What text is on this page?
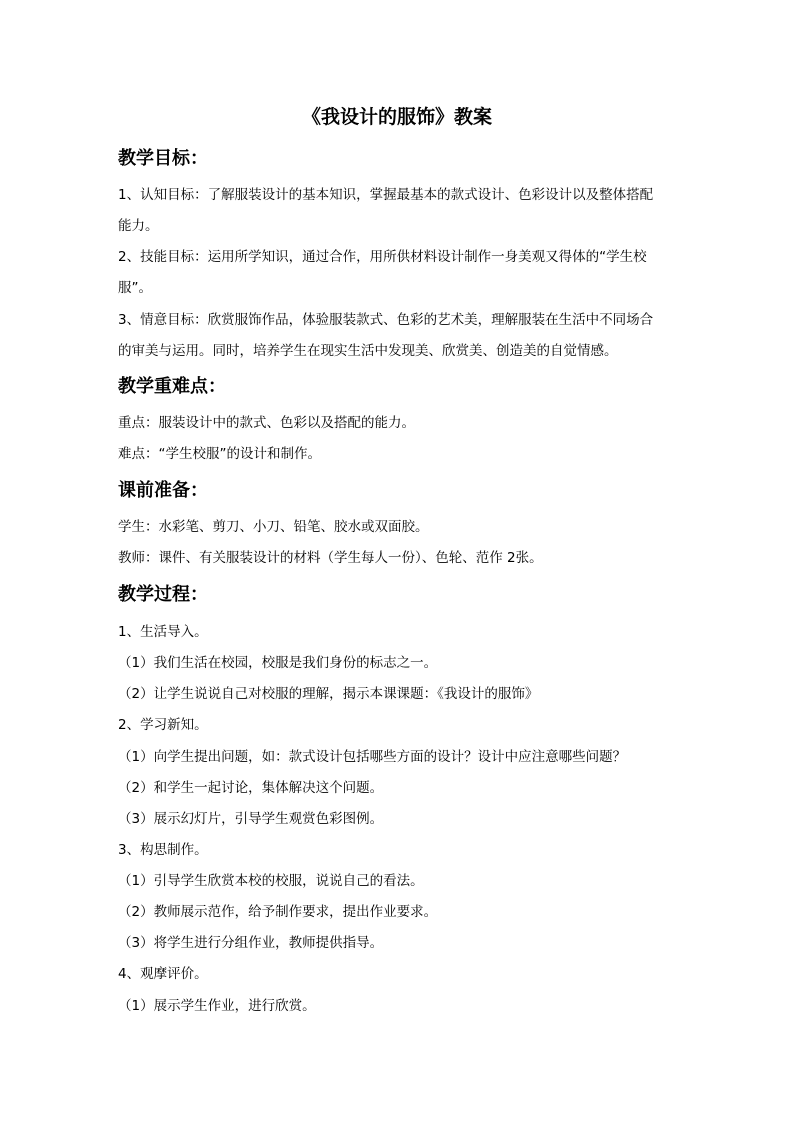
《我设计的服饰》教案
教学目标：
1、认知目标：了解服装设计的基本知识，掌握最基本的款式设计、色彩设计以及整体搭配
能力。
2、技能目标：运用所学知识，通过合作，用所供材料设计制作一身美观又得体的“学生校
服”。
3、情意目标：欣赏服饰作品，体验服装款式、色彩的艺术美，理解服装在生活中不同场合
的审美与运用。同时，培养学生在现实生活中发现美、欣赏美、创造美的自觉情感。
教学重难点：
重点：服装设计中的款式、色彩以及搭配的能力。
难点：“学生校服”的设计和制作。
课前准备：
学生：水彩笔、剪刀、小刀、铅笔、胶水或双面胶。
教师：课件、有关服装设计的材料（学生每人一份）、色轮、范作 2张。
教学过程：
1、生活导入。
（1）我们生活在校园，校服是我们身份的标志之一。
（2）让学生说说自己对校服的理解，揭示本课课题：《我设计的服饰》
2、学习新知。
（1）向学生提出问题，如：款式设计包括哪些方面的设计？设计中应注意哪些问题？
（2）和学生一起讨论，集体解决这个问题。
（3）展示幻灯片，引导学生观赏色彩图例。
3、构思制作。
（1）引导学生欣赏本校的校服，说说自己的看法。
（2）教师展示范作，给予制作要求，提出作业要求。
（3）将学生进行分组作业，教师提供指导。
4、观摩评价。
（1）展示学生作业，进行欣赏。
